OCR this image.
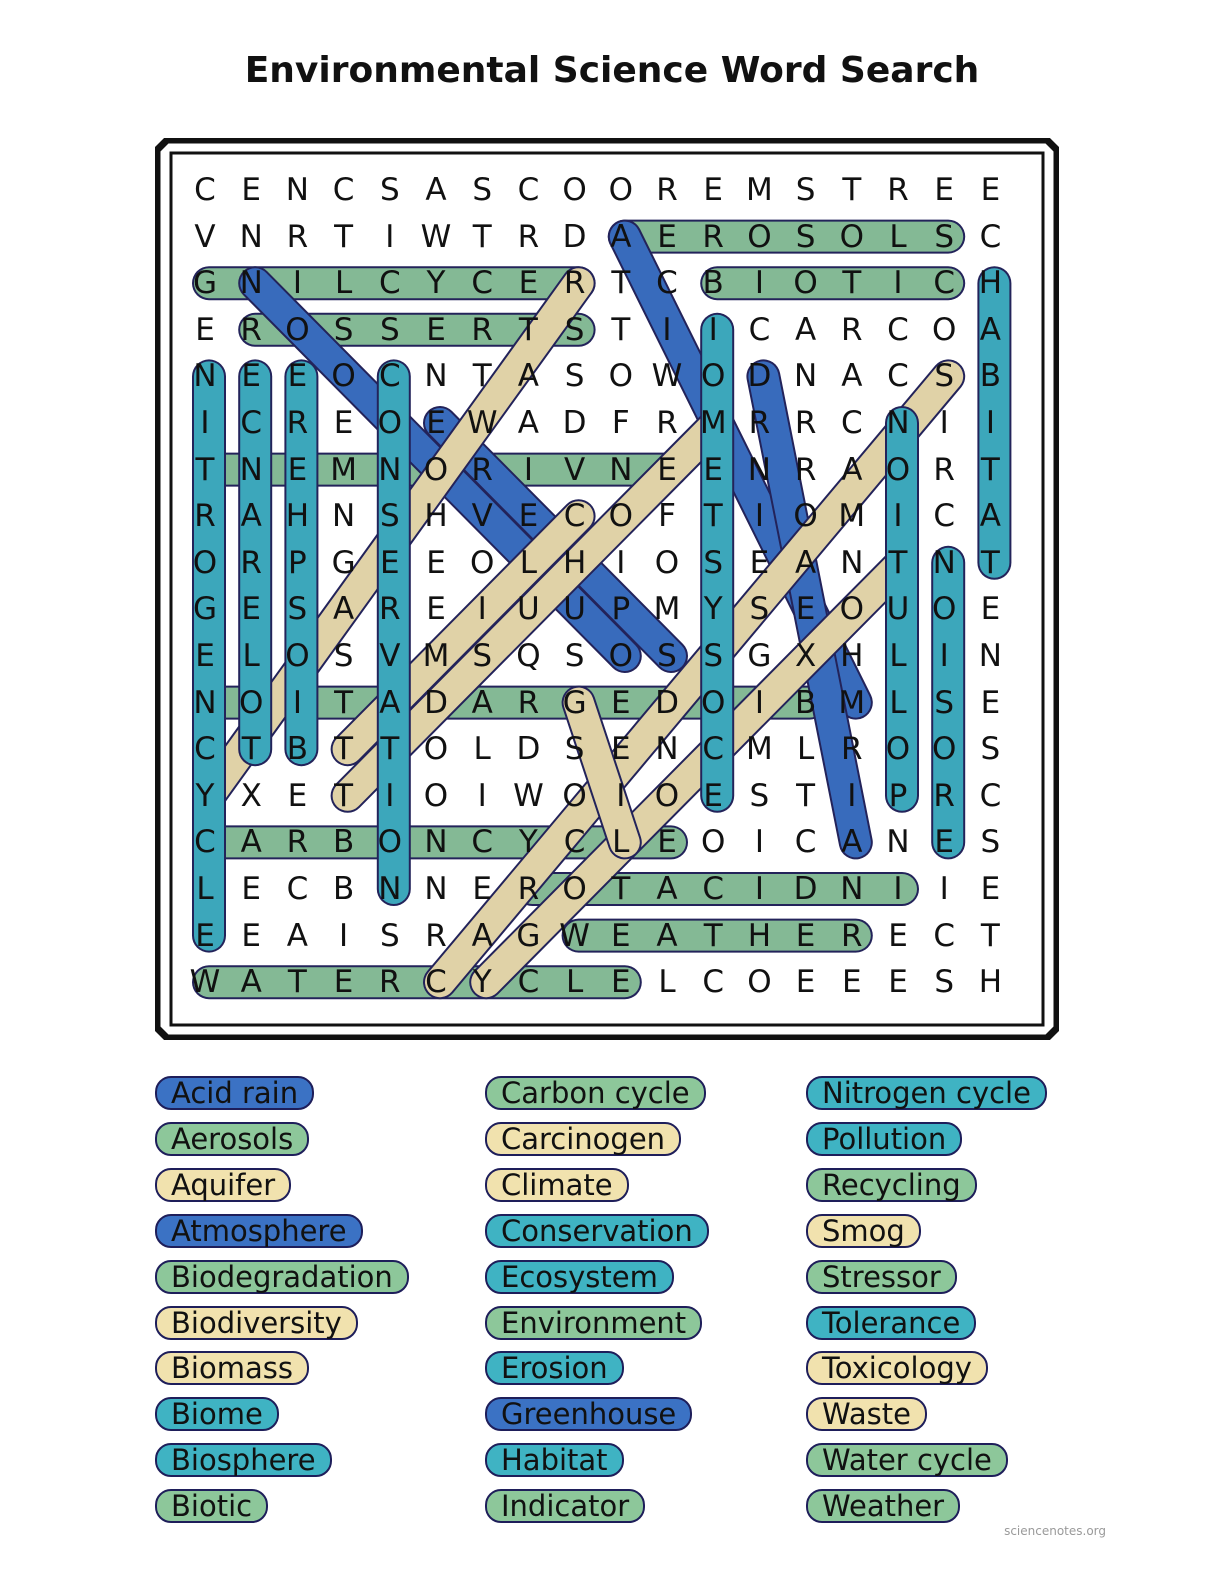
Environmental Science Word Search
C E N C S A S C O O R E M S T R E E
V N R T	I W T R D A E R O S O L S C
G N I	L C Y C E R T C B I O T	I C H
E R O S S E R T S T	I	I C A R C O A
N E E O C N T A S O W O D N A C S B
I C R E O E W A D F R M R R C N I	I
T N E M N O R I	V N E E N R A O R T
R A H N S H V E C O F T	I O M I C A
O R P G E E O L H I O S E A N T N T
G E S A R E	I U U P M Y S E O U O E
E L O S V M S Q S O S S G X H L	I N
N O I	T A D A R G E D O I B M L S E
C T B T T O L D S E N C M L R O O S
Y X E T	I O I W O I O E S T	I	P R C
C A R B O N C Y C L E O I C A N E S
L E C B N N E R O T A C I D N I	I	E
E E A	I	S R A G W E A T H E R E C T
W A T E R C Y C L E L C O E E E S H
Acid rain
Aerosols
Aquifer
Atmosphere
Biodegradation
Biodiversity
Biomass
Biome
Biosphere
Biotic
Carbon cycle
Carcinogen
Climate
Conservation
Ecosystem
Environment
Erosion
Greenhouse
Habitat
Indicator
Nitrogen cycle
Pollution
Recycling
Smog
Stressor
Tolerance
Toxicology
Waste
Water cycle
Weather
sciencenotes.org
